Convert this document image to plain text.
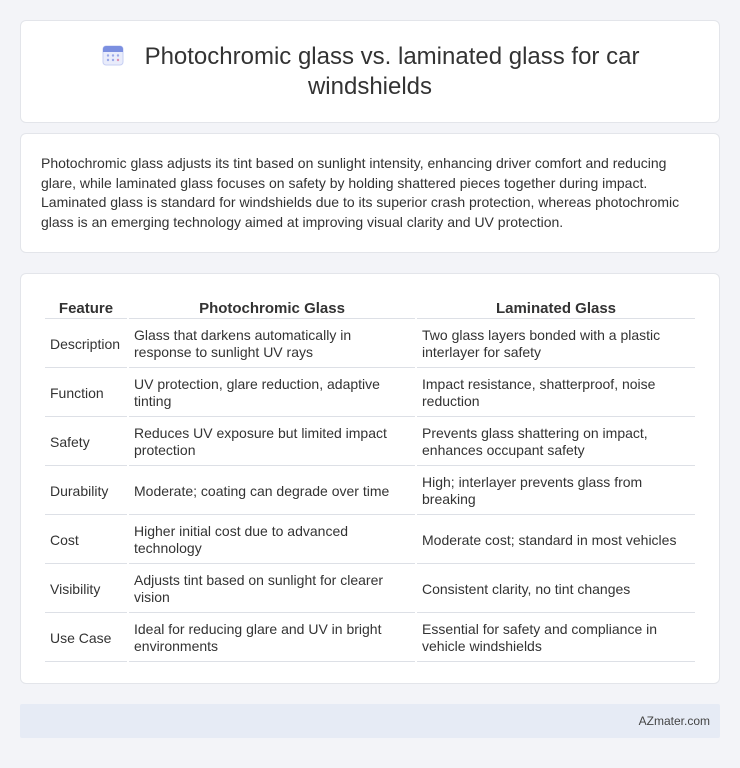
Photochromic glass vs. laminated glass for car windshields

Photochromic glass adjusts its tint based on sunlight intensity, enhancing driver comfort and reducing glare, while laminated glass focuses on safety by holding shattered pieces together during impact. Laminated glass is standard for windshields due to its superior crash protection, whereas photochromic glass is an emerging technology aimed at improving visual clarity and UV protection.

Feature	Photochromic Glass	Laminated Glass
Description	Glass that darkens automatically in response to sunlight UV rays	Two glass layers bonded with a plastic interlayer for safety
Function	UV protection, glare reduction, adaptive tinting	Impact resistance, shatterproof, noise reduction
Safety	Reduces UV exposure but limited impact protection	Prevents glass shattering on impact, enhances occupant safety
Durability	Moderate; coating can degrade over time	High; interlayer prevents glass from breaking
Cost	Higher initial cost due to advanced technology	Moderate cost; standard in most vehicles
Visibility	Adjusts tint based on sunlight for clearer vision	Consistent clarity, no tint changes
Use Case	Ideal for reducing glare and UV in bright environments	Essential for safety and compliance in vehicle windshields
AZmater.com
